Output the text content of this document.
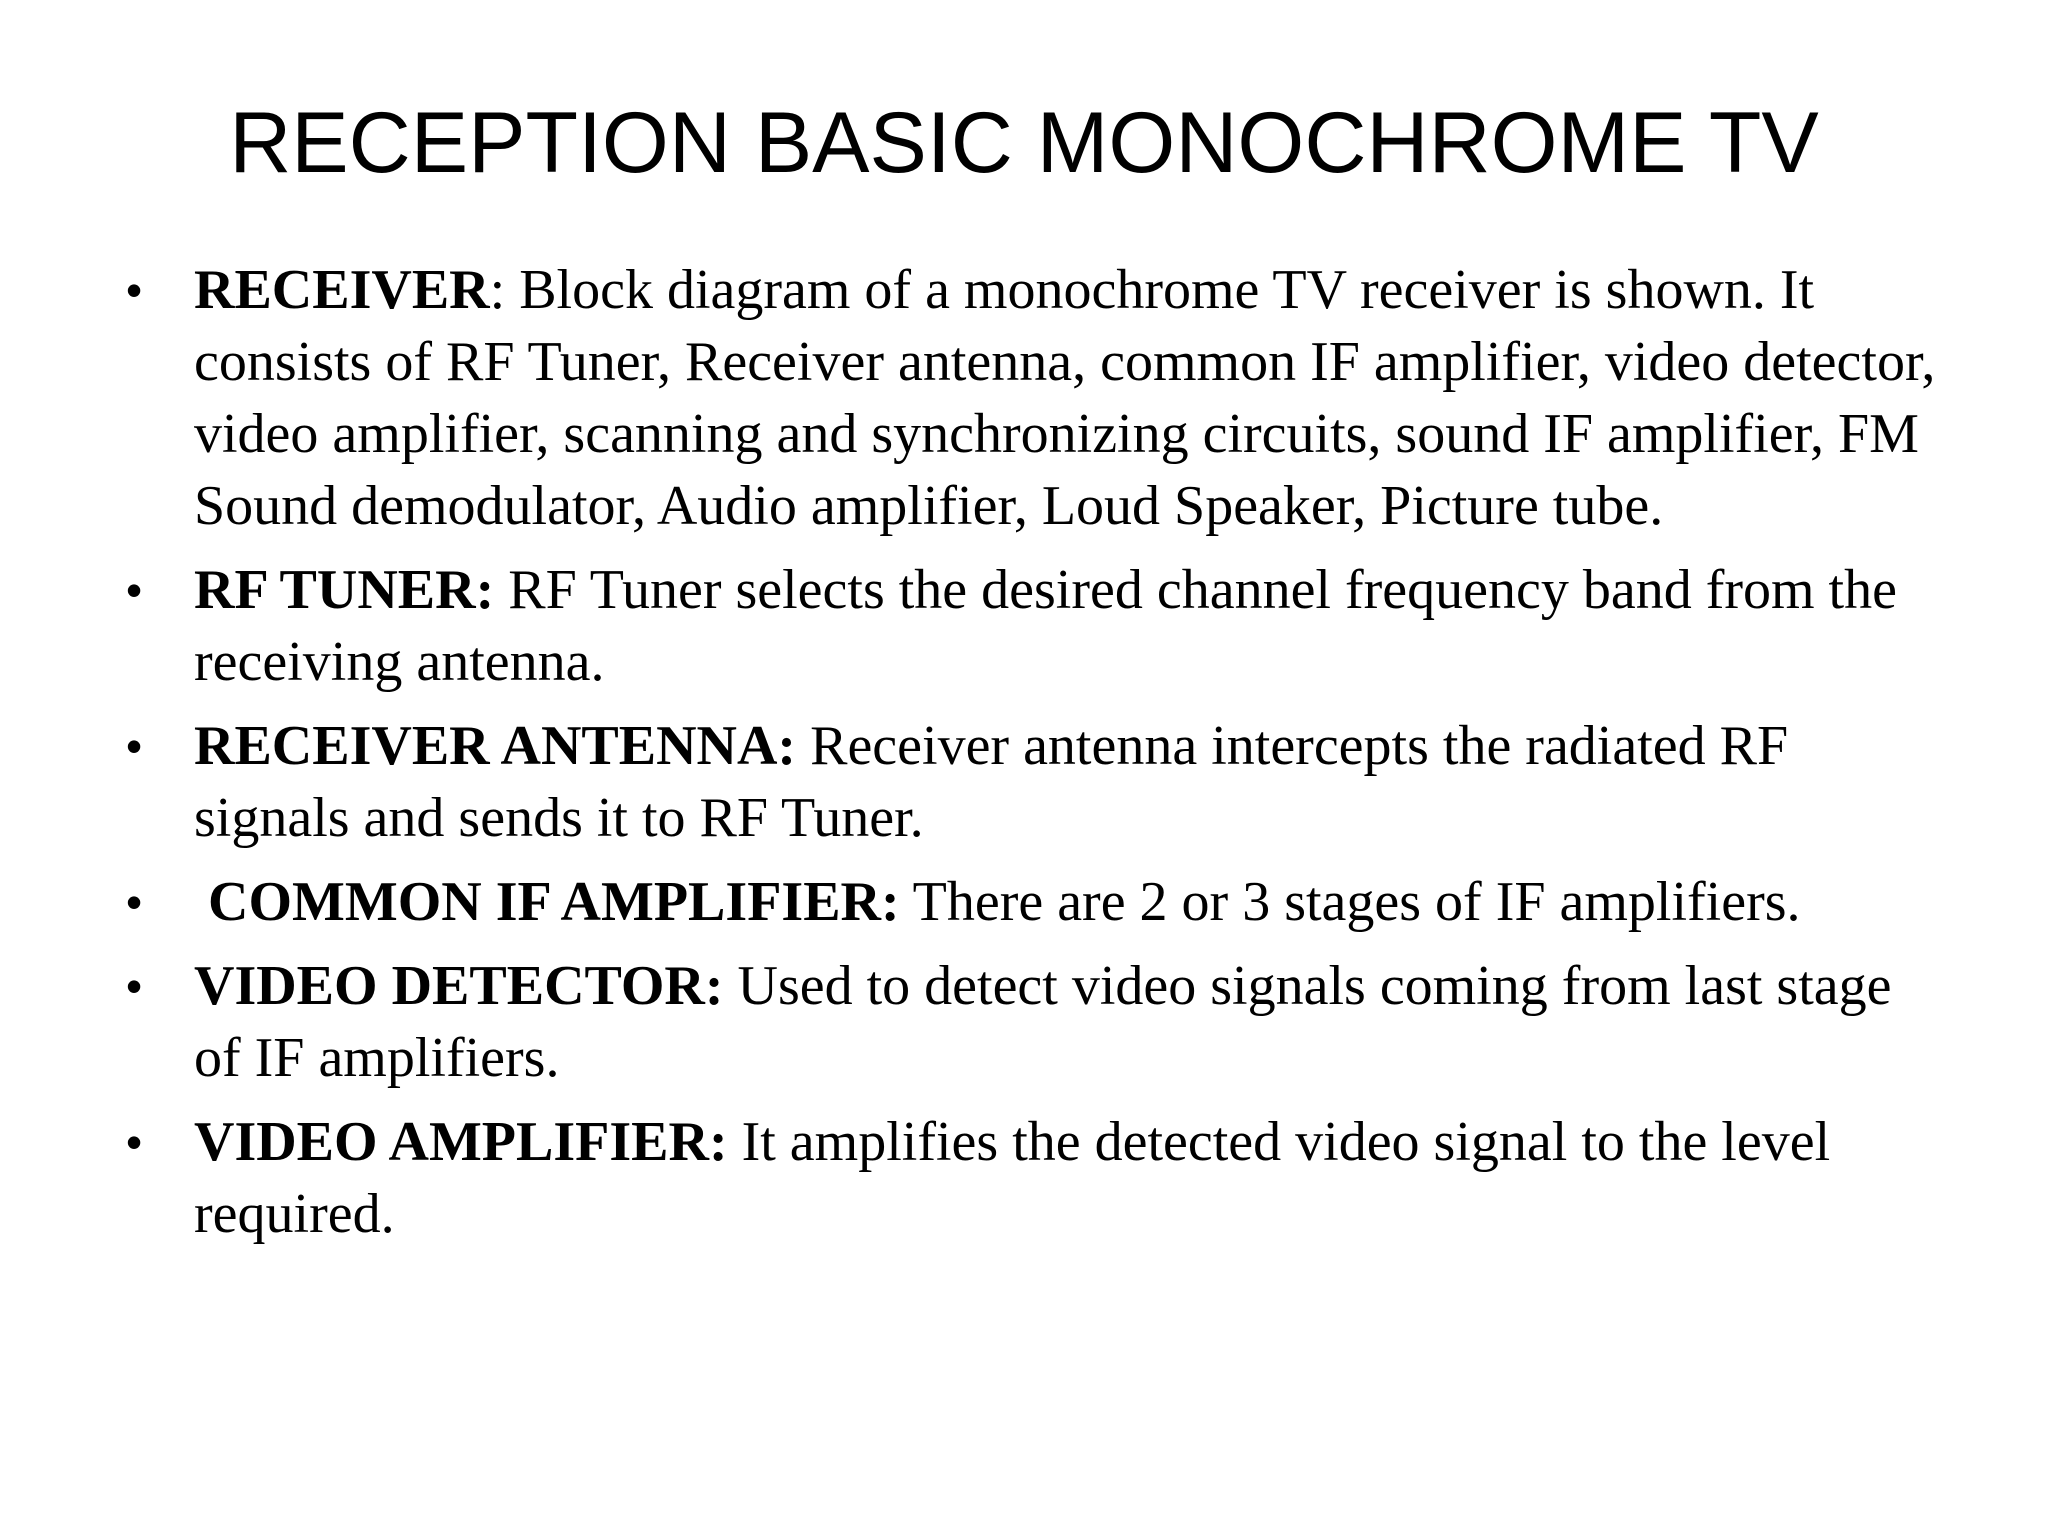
RECEPTION BASIC MONOCHROME TV
• RECEIVER: Block diagram of a monochrome TV receiver is shown. It consists of RF Tuner, Receiver antenna, common IF amplifier, video detector, video amplifier, scanning and synchronizing circuits, sound IF amplifier, FM Sound demodulator, Audio amplifier, Loud Speaker, Picture tube.
• RF TUNER: RF Tuner selects the desired channel frequency band from the receiving antenna.
• RECEIVER ANTENNA: Receiver antenna intercepts the radiated RF signals and sends it to RF Tuner.
• COMMON IF AMPLIFIER: There are 2 or 3 stages of IF amplifiers.
• VIDEO DETECTOR: Used to detect video signals coming from last stage of IF amplifiers.
• VIDEO AMPLIFIER: It amplifies the detected video signal to the level required.
